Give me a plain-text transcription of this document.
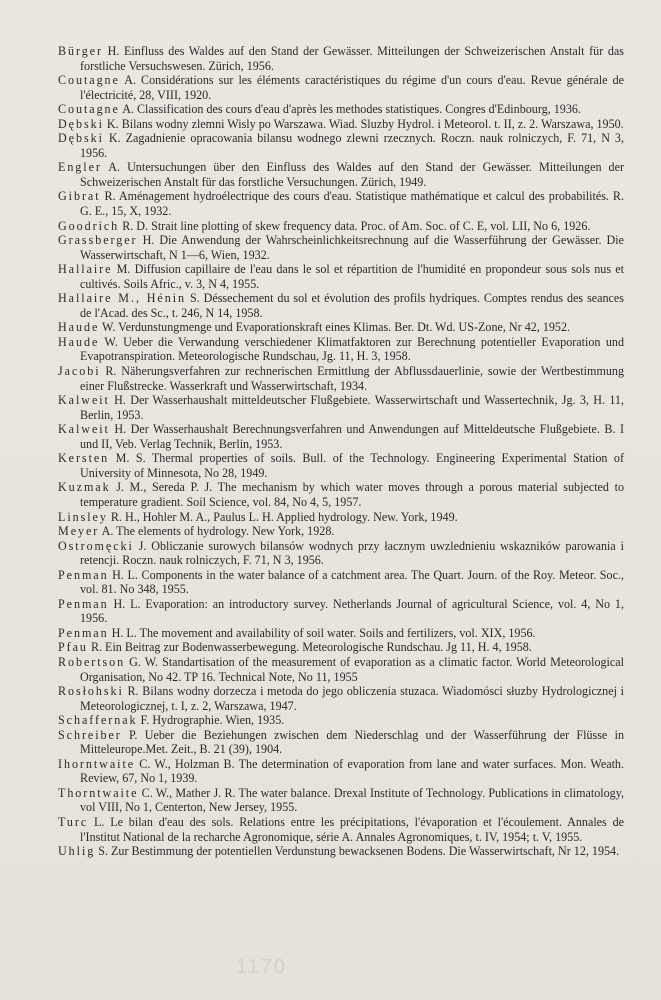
Bürger H. Einfluss des Waldes auf den Stand der Gewässer. Mitteilungen der Schweizerischen Anstalt für das forstliche Versuchswesen. Zürich, 1956.

Coutagne A. Considérations sur les éléments caractéristiques du régime d'un cours d'eau. Revue générale de l'électricité, 28, VIII, 1920.

Coutagne A. Classification des cours d'eau d'après les methodes statistiques. Congres d'Edinbourg, 1936.

Dębski K. Bilans wodny zlemni Wisly po Warszawa. Wiad. Sluzby Hydrol. i Meteorol. t. II, z. 2. Warszawa, 1950.

Dębski K. Zagadnienie opracowania bilansu wodnego zlewni rzecznych. Roczn. nauk rolniczych, F. 71, N 3, 1956.

Engler A. Untersuchungen über den Einfluss des Waldes auf den Stand der Gewässer. Mitteilungen der Schweizerischen Anstalt für das forstliche Versuchungen. Zürich, 1949.

Gibrat R. Aménagement hydroélectrique des cours d'eau. Statistique mathématique et calcul des probabilités. R. G. E., 15, X, 1932.

Goodrich R. D. Strait line plotting of skew frequency data. Proc. of Am. Soc. of C. E, vol. LII, No 6, 1926.

Grassberger H. Die Anwendung der Wahrscheinlichkeitsrechnung auf die Wasserführung der Gewässer. Die Wasserwirtschaft, N 1—6, Wien, 1932.

Hallaire M. Diffusion capillaire de l'eau dans le sol et répartition de l'humidité en propondeur sous sols nus et cultivés. Soils Afric., v. 3, N 4, 1955.

Hallaire M., Hénin S. Déssechement du sol et évolution des profils hydriques. Comptes rendus des seances de l'Acad. des Sc., t. 246, N 14, 1958.

Haude W. Verdunstungmenge und Evaporationskraft eines Klimas. Ber. Dt. Wd. US-Zone, Nr 42, 1952.

Haude W. Ueber die Verwandung verschiedener Klimatfaktoren zur Berechnung potentieller Evaporation und Evapotranspiration. Meteorologische Rundschau, Jg. 11, H. 3, 1958.

Jacobi R. Näherungsverfahren zur rechnerischen Ermittlung der Abflussdauerlinie, sowie der Wertbestimmung einer Flußstrecke. Wasserkraft und Wasserwirtschaft, 1934.

Kalweit H. Der Wasserhaushalt mitteldeutscher Flußgebiete. Wasserwirtschaft und Wassertechnik, Jg. 3, H. 11, Berlin, 1953.

Kalweit H. Der Wasserhaushalt Berechnungsverfahren und Anwendungen auf Mitteldeutsche Flußgebiete. B. I und II, Veb. Verlag Technik, Berlin, 1953.

Kersten M. S. Thermal properties of soils. Bull. of the Technology. Engineering Experimental Station of University of Minnesota, No 28, 1949.

Kuzmak J. M., Sereda P. J. The mechanism by which water moves through a porous material subjected to temperature gradient. Soil Science, vol. 84, No 4, 5, 1957.

Linsley R. H., Hohler M. A., Paulus L. H. Applied hydrology. New. York, 1949.

Meyer A. The elements of hydrology. New York, 1928.

Ostromęcki J. Obliczanie surowych bilansów wodnych przy łacznym uwzlednieniu wskazników parowania i retencji. Roczn. nauk rolniczych, F. 71, N 3, 1956.

Penman H. L. Components in the water balance of a catchment area. The Quart. Journ. of the Roy. Meteor. Soc., vol. 81. No 348, 1955.

Penman H. L. Evaporation: an introductory survey. Netherlands Journal of agricultural Science, vol. 4, No 1, 1956.

Penman H. L. The movement and availability of soil water. Soils and fertilizers, vol. XIX, 1956.

Pfau R. Ein Beitrag zur Bodenwasserbewegung. Meteorologische Rundschau. Jg 11, H. 4, 1958.

Robertson G. W. Standartisation of the measurement of evaporation as a climatic factor. World Meteorological Organisation, No 42. TP 16. Technical Note, No 11, 1955

Rosłohski R. Bilans wodny dorzecza i metoda do jego obliczenia stuzaca. Wiadomósci słuzby Hydrologicznej i Meteorologicznej, t. I, z. 2, Warszawa, 1947.

Schaffernak F. Hydrographie. Wien, 1935.

Schreiber P. Ueber die Beziehungen zwischen dem Niederschlag und der Wasserführung der Flüsse in Mitteleurope.Met. Zeit., B. 21 (39), 1904.

Ihorntwaite C. W., Holzman B. The determination of evaporation from lane and water surfaces. Mon. Weath. Review, 67, No 1, 1939.

Thorntwaite C. W., Mather J. R. The water balance. Drexal Institute of Technology. Publications in climatology, vol VIII, No 1, Centerton, New Jersey, 1955.

Turc L. Le bilan d'eau des sols. Relations entre les précipitations, l'évaporation et l'écoulement. Annales de l'Institut National de la recharche Agronomique, série A. Annales Agronomiques, t. IV, 1954; t. V, 1955.

Uhlig S. Zur Bestimmung der potentiellen Verdunstung bewacksenen Bodens. Die Wasserwirtschaft, Nr 12, 1954.

1170
